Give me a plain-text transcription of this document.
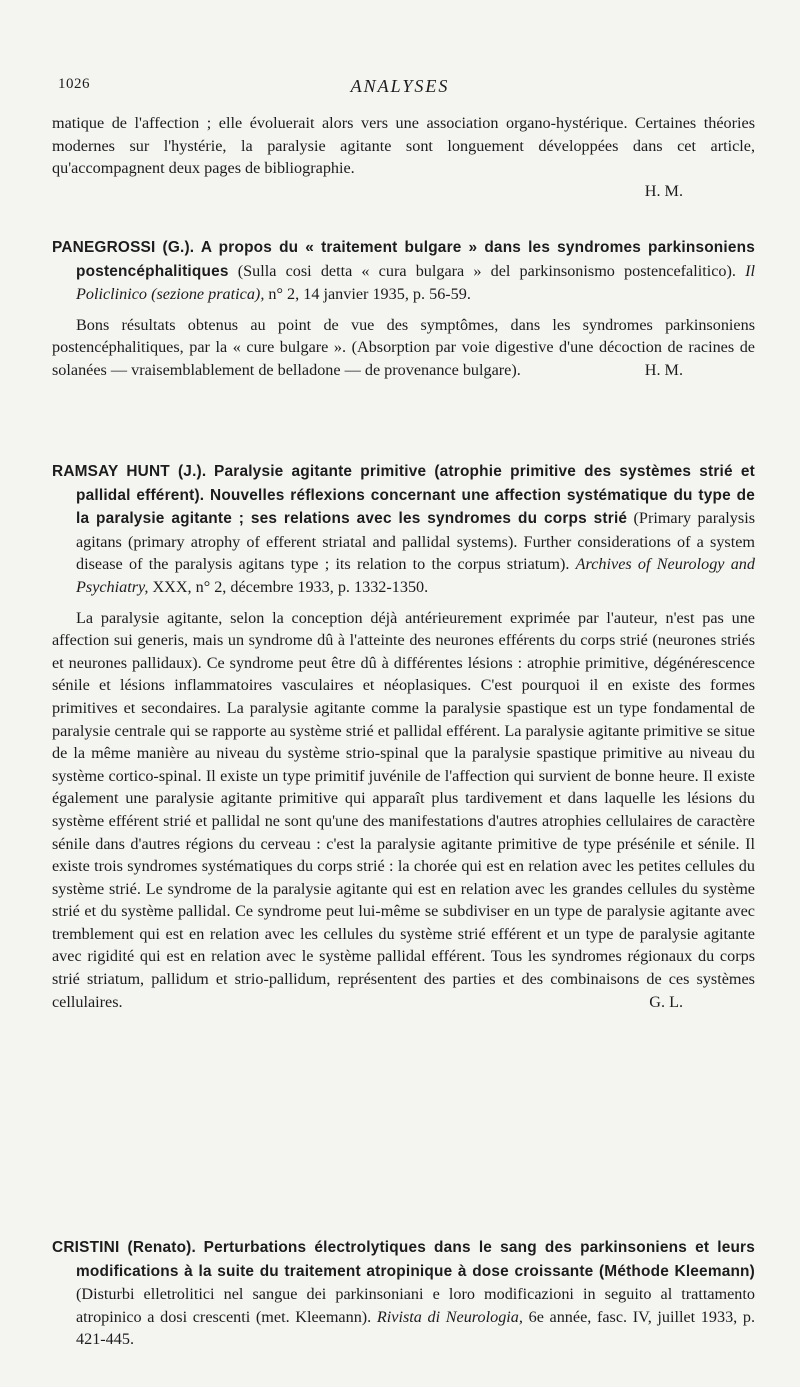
1026	ANALYSES

matique de l'affection ; elle évoluerait alors vers une association organo-hystérique. Certaines théories modernes sur l'hystérie, la paralysie agitante sont longuement développées dans cet article, qu'accompagnent deux pages de bibliographie.

H. M.

PANEGROSSI (G.). A propos du « traitement bulgare » dans les syndromes parkinsoniens postencéphalitiques (Sulla cosi detta « cura bulgara » del parkinsonismo postencefalitico). Il Policlinico (sezione pratica), n° 2, 14 janvier 1935, p. 56-59.

Bons résultats obtenus au point de vue des symptômes, dans les syndromes parkinsoniens postencéphalitiques, par la « cure bulgare ». (Absorption par voie digestive d'une décoction de racines de solanées — vraisemblablement de belladone — de provenance bulgare).	H. M.

RAMSAY HUNT (J.). Paralysie agitante primitive (atrophie primitive des systèmes strié et pallidal efférent). Nouvelles réflexions concernant une affection systématique du type de la paralysie agitante ; ses relations avec les syndromes du corps strié (Primary paralysis agitans (primary atrophy of efferent striatal and pallidal systems). Further considerations of a system disease of the paralysis agitans type ; its relation to the corpus striatum). Archives of Neurology and Psychiatry, XXX, n° 2, décembre 1933, p. 1332-1350.

La paralysie agitante, selon la conception déjà antérieurement exprimée par l'auteur, n'est pas une affection sui generis, mais un syndrome dû à l'atteinte des neurones efférents du corps strié (neurones striés et neurones pallidaux). Ce syndrome peut être dû à différentes lésions : atrophie primitive, dégénérescence sénile et lésions inflammatoires vasculaires et néoplasiques. C'est pourquoi il en existe des formes primitives et secondaires. La paralysie agitante comme la paralysie spastique est un type fondamental de paralysie centrale qui se rapporte au système strié et pallidal efférent. La paralysie agitante primitive se situe de la même manière au niveau du système strio-spinal que la paralysie spastique primitive au niveau du système cortico-spinal. Il existe un type primitif juvénile de l'affection qui survient de bonne heure. Il existe également une paralysie agitante primitive qui apparaît plus tardivement et dans laquelle les lésions du système efférent strié et pallidal ne sont qu'une des manifestations d'autres atrophies cellulaires de caractère sénile dans d'autres régions du cerveau : c'est la paralysie agitante primitive de type présénile et sénile. Il existe trois syndromes systématiques du corps strié : la chorée qui est en relation avec les petites cellules du système strié. Le syndrome de la paralysie agitante qui est en relation avec les grandes cellules du système strié et du système pallidal. Ce syndrome peut lui-même se subdiviser en un type de paralysie agitante avec tremblement qui est en relation avec les cellules du système strié efférent et un type de paralysie agitante avec rigidité qui est en relation avec le système pallidal efférent. Tous les syndromes régionaux du corps strié striatum, pallidum et strio-pallidum, représentent des parties et des combinaisons de ces systèmes cellulaires.	G. L.

CRISTINI (Renato). Perturbations électrolytiques dans le sang des parkinsoniens et leurs modifications à la suite du traitement atropinique à dose croissante (Méthode Kleemann) (Disturbi elletrolitici nel sangue dei parkinsoniani e loro modificazioni in seguito al trattamento atropinico a dosi crescenti (met. Kleemann). Rivista di Neurologia, 6e année, fasc. IV, juillet 1933, p. 421-445.
